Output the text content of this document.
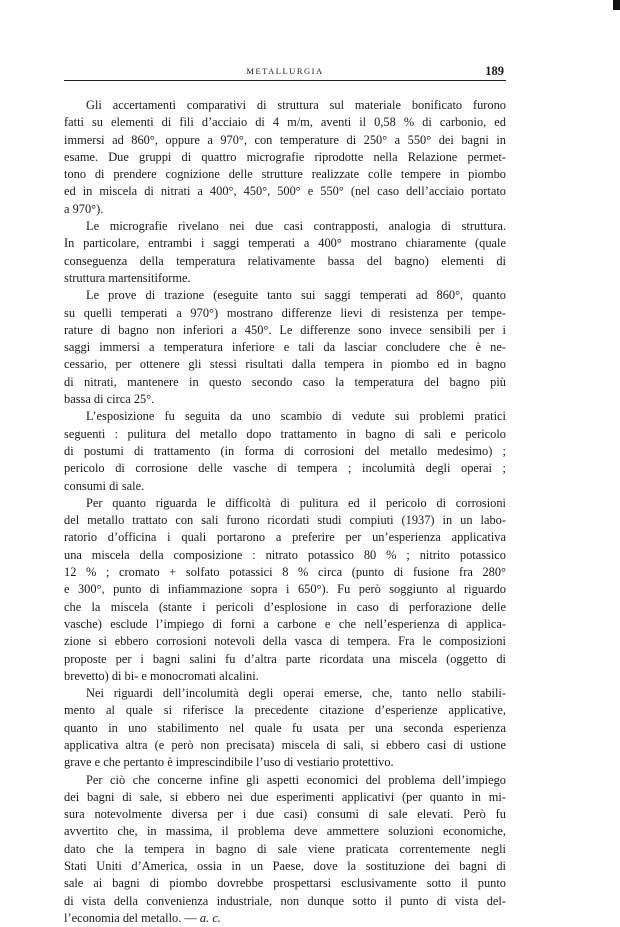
METALLURGIA	189
Gli accertamenti comparativi di struttura sul materiale bonificato furono
fatti su elementi di fili d’acciaio di 4 m/m, aventi il 0,58 % di carbonio, ed
immersi ad 860°, oppure a 970°, con temperature di 250° a 550° dei bagni in
esame. Due gruppi di quattro micrografie riprodotte nella Relazione permet-
tono di prendere cognizione delle strutture realizzate colle tempere in piombo
ed in miscela di nitrati a 400°, 450°, 500° e 550° (nel caso dell’acciaio portato
a 970°).
Le micrografie rivelano nei due casi contrapposti, analogia di struttura.
In particolare, entrambi i saggi temperati a 400° mostrano chiaramente (quale
conseguenza della temperatura relativamente bassa del bagno) elementi di
struttura martensitiforme.
Le prove di trazione (eseguite tanto sui saggi temperati ad 860°, quanto
su quelli temperati a 970°) mostrano differenze lievi di resistenza per tempe-
rature di bagno non inferiori a 450°. Le differenze sono invece sensibili per i
saggi immersi a temperatura inferiore e tali da lasciar concludere che è ne-
cessario, per ottenere gli stessi risultati dalla tempera in piombo ed in bagno
di nitrati, mantenere in questo secondo caso la temperatura del bagno più
bassa di circa 25°.
L’esposizione fu seguita da uno scambio di vedute sui problemi pratici
seguenti : pulitura del metallo dopo trattamento in bagno di sali e pericolo
di postumi di trattamento (in forma di corrosioni del metallo medesimo) ;
pericolo di corrosione delle vasche di tempera ; incolumità degli operai ;
consumi di sale.
Per quanto riguarda le difficoltà di pulitura ed il pericolo di corrosioni
del metallo trattato con sali furono ricordati studi compiuti (1937) in un labo-
ratorio d’officina i quali portarono a preferire per un’esperienza applicativa
una miscela della composizione : nitrato potassico 80 % ; nitrito potassico
12 % ; cromato + solfato potassici 8 % circa (punto di fusione fra 280°
e 300°, punto di infiammazione sopra i 650°). Fu però soggiunto al riguardo
che la miscela (stante i pericoli d’esplosione in caso di perforazione delle
vasche) esclude l’impiego di forni a carbone e che nell’esperienza di applica-
zione si ebbero corrosioni notevoli della vasca di tempera. Fra le composizioni
proposte per i bagni salini fu d’altra parte ricordata una miscela (oggetto di
brevetto) di bi- e monocromati alcalini.
Nei riguardi dell’incolumità degli operai emerse, che, tanto nello stabili-
mento al quale si riferisce la precedente citazione d’esperienze applicative,
quanto in uno stabilimento nel quale fu usata per una seconda esperienza
applicativa altra (e però non precisata) miscela di sali, si ebbero casi di ustione
grave e che pertanto è imprescindibile l’uso di vestiario protettivo.
Per ciò che concerne infine gli aspetti economici del problema dell’impiego
dei bagni di sale, si ebbero nei due esperimenti applicativi (per quanto in mi-
sura notevolmente diversa per i due casi) consumi di sale elevati. Però fu
avvertito che, in massima, il problema deve ammettere soluzioni economiche,
dato che la tempera in bagno di sale viene praticata correntemente negli
Stati Uniti d’America, ossia in un Paese, dove la sostituzione dei bagni di
sale ai bagni di piombo dovrebbe prospettarsi esclusivamente sotto il punto
di vista della convenienza industriale, non dunque sotto il punto di vista del-
l’economia del metallo. — a. c.
